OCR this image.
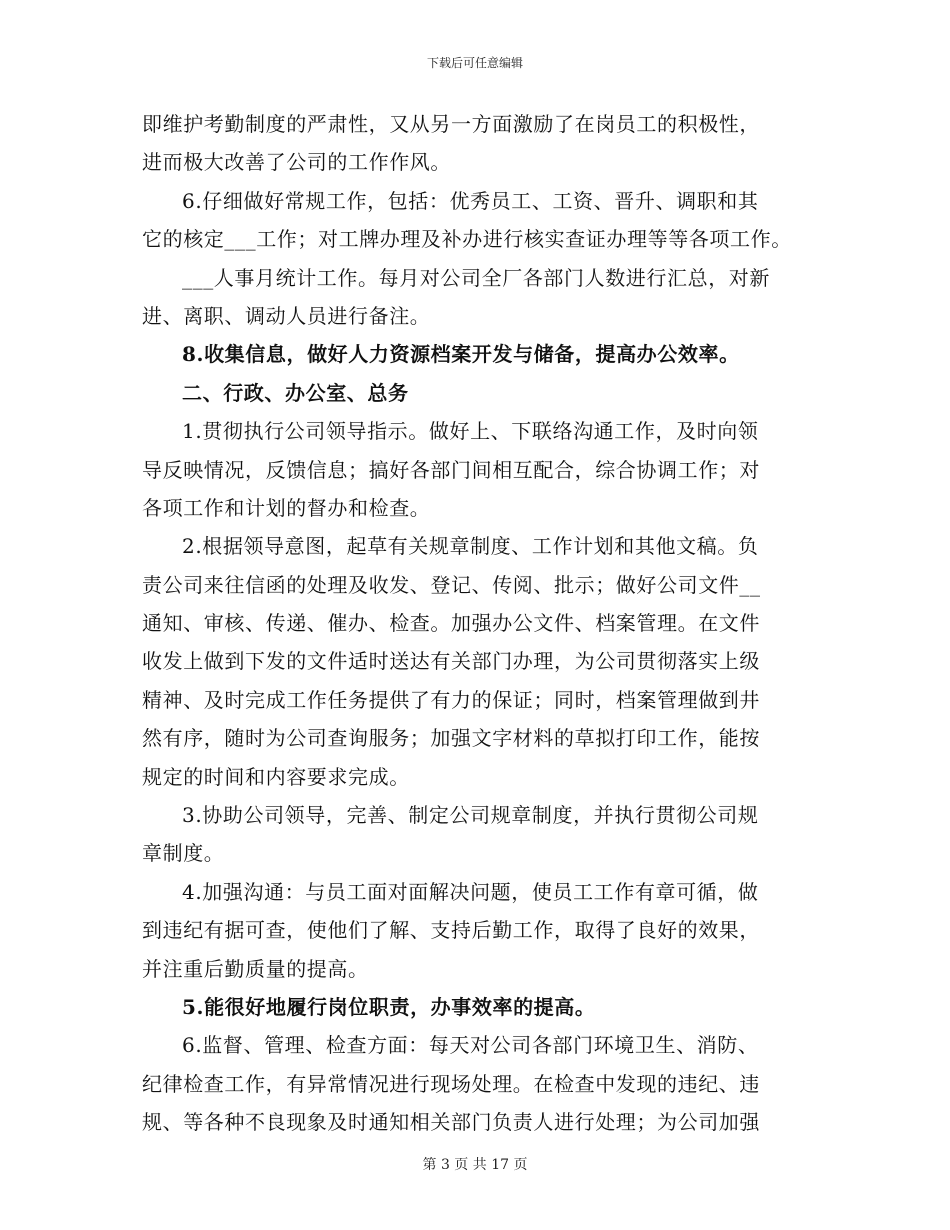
下载后可任意编辑
即维护考勤制度的严肃性，又从另一方面激励了在岗员工的积极性，
进而极大改善了公司的工作作风。
6.仔细做好常规工作，包括：优秀员工、工资、晋升、调职和其
它的核定___工作；对工牌办理及补办进行核实查证办理等等各项工作。
___人事月统计工作。每月对公司全厂各部门人数进行汇总，对新
进、离职、调动人员进行备注。
8.收集信息，做好人力资源档案开发与储备，提高办公效率。
二、行政、办公室、总务
1.贯彻执行公司领导指示。做好上、下联络沟通工作，及时向领
导反映情况，反馈信息；搞好各部门间相互配合，综合协调工作；对
各项工作和计划的督办和检查。
2.根据领导意图，起草有关规章制度、工作计划和其他文稿。负
责公司来往信函的处理及收发、登记、传阅、批示；做好公司文件__
通知、审核、传递、催办、检查。加强办公文件、档案管理。在文件
收发上做到下发的文件适时送达有关部门办理，为公司贯彻落实上级
精神、及时完成工作任务提供了有力的保证；同时，档案管理做到井
然有序，随时为公司查询服务；加强文字材料的草拟打印工作，能按
规定的时间和内容要求完成。
3.协助公司领导，完善、制定公司规章制度，并执行贯彻公司规
章制度。
4.加强沟通：与员工面对面解决问题，使员工工作有章可循，做
到违纪有据可查，使他们了解、支持后勤工作，取得了良好的效果，
并注重后勤质量的提高。
5.能很好地履行岗位职责，办事效率的提高。
6.监督、管理、检查方面：每天对公司各部门环境卫生、消防、
纪律检查工作，有异常情况进行现场处理。在检查中发现的违纪、违
规、等各种不良现象及时通知相关部门负责人进行处理；为公司加强
第 3 页 共 17 页
